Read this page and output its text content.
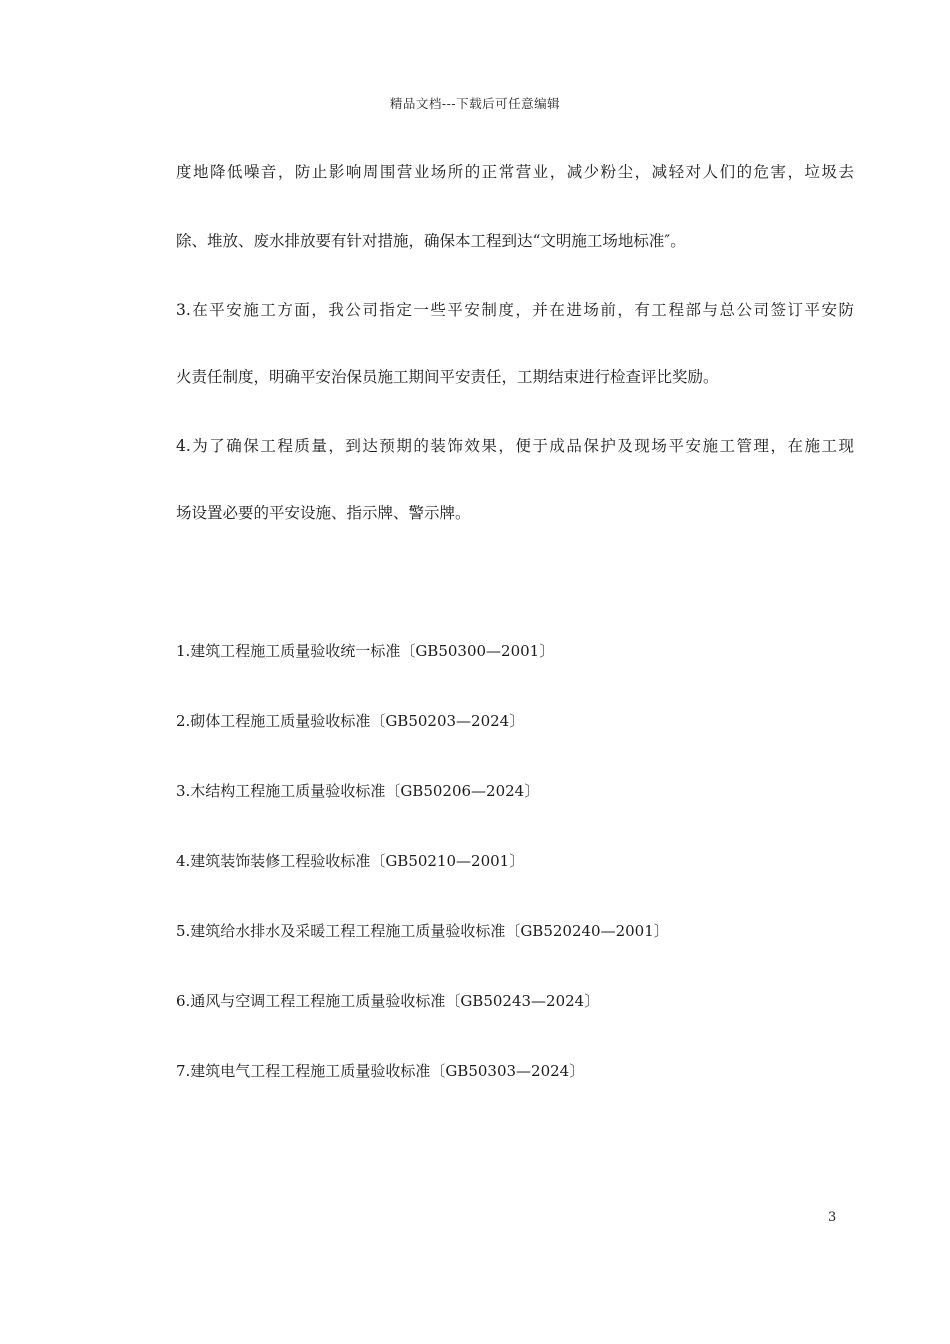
精品文档---下载后可任意编辑
度地降低噪音，防止影响周围营业场所的正常营业，减少粉尘，减轻对人们的危害，垃圾去
除、堆放、废水排放要有针对措施，确保本工程到达“文明施工场地标准″。
3.在平安施工方面，我公司指定一些平安制度，并在进场前，有工程部与总公司签订平安防
火责任制度，明确平安治保员施工期间平安责任，工期结束进行检查评比奖励。
4.为了确保工程质量，到达预期的装饰效果，便于成品保护及现场平安施工管理，在施工现
场设置必要的平安设施、指示牌、警示牌。
1.建筑工程施工质量验收统一标准〔GB50300—2001〕
2.砌体工程施工质量验收标准〔GB50203—2024〕
3.木结构工程施工质量验收标准〔GB50206—2024〕
4.建筑装饰装修工程验收标准〔GB50210—2001〕
5.建筑给水排水及采暖工程工程施工质量验收标准〔GB520240—2001〕
6.通风与空调工程工程施工质量验收标准〔GB50243—2024〕
7.建筑电气工程工程施工质量验收标准〔GB50303—2024〕
3
